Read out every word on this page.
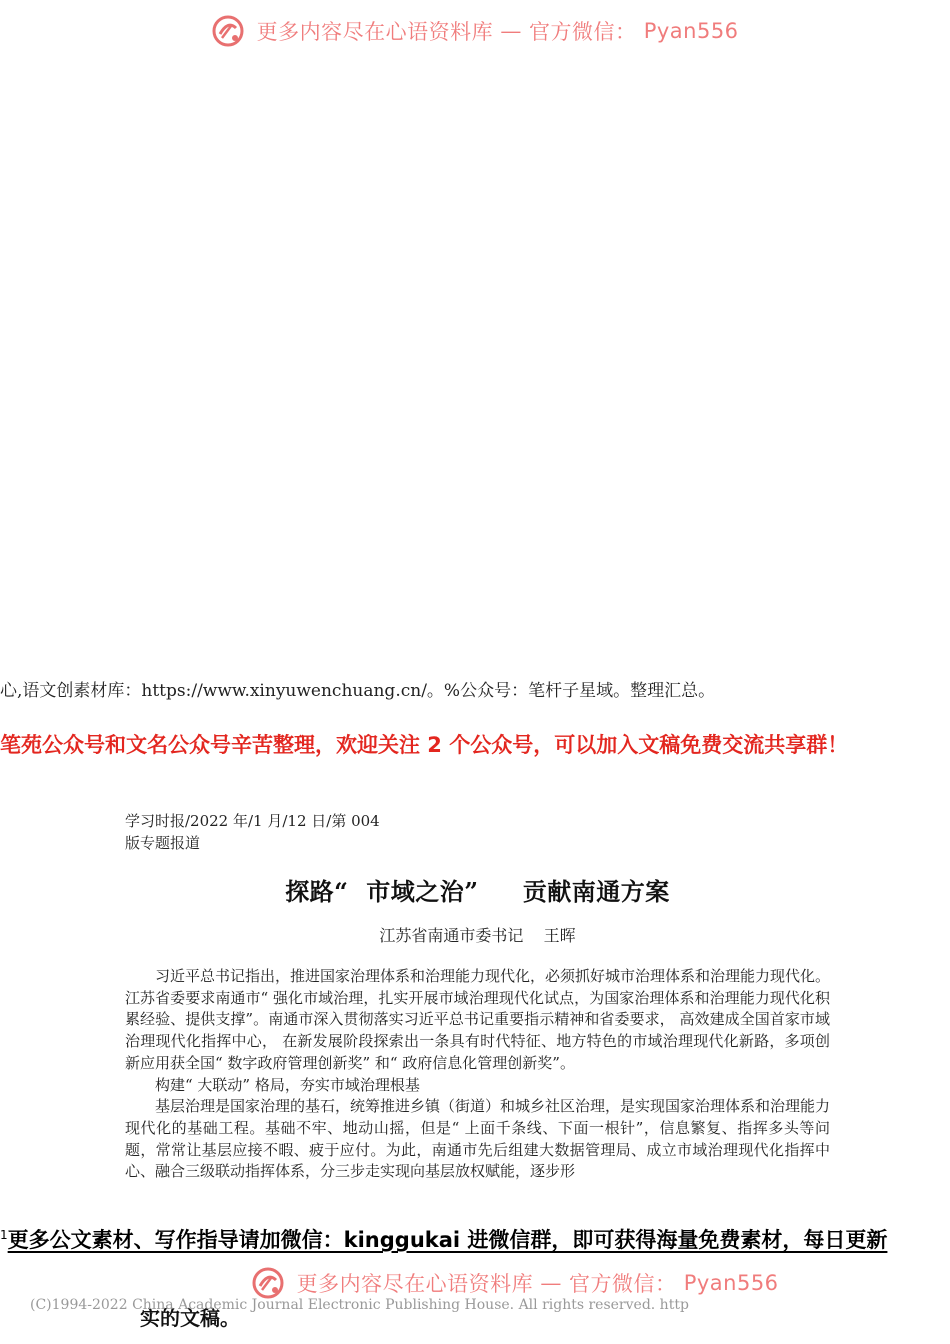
更多内容尽在心语资料库 — 官方微信： Pyan556
心,语文创素材库：https://www.xinyuwenchuang.cn/。%公众号：笔杆子星域。整理汇总。
笔苑公众号和文名公众号辛苦整理，欢迎关注 2 个公众号，可以加入文稿免费交流共享群！
学习时报/2022 年/1 月/12 日/第 004
版专题报道
探路“  市域之治”     贡献南通方案
江苏省南通市委书记    王晖

习近平总书记指出，推进国家治理体系和治理能力现代化，必须抓好城市治理体系和治理能力现代化。江苏省委要求南通市“ 强化市域治理，扎实开展市域治理现代化试点，为国家治理体系和治理能力现代化积累经验、提供支撑”。南通市深入贯彻落实习近平总书记重要指示精神和省委要求， 高效建成全国首家市域治理现代化指挥中心， 在新发展阶段探索出一条具有时代特征、地方特色的市域治理现代化新路，多项创新应用获全国“ 数字政府管理创新奖” 和“ 政府信息化管理创新奖”。

构建“ 大联动” 格局，夯实市域治理根基

基层治理是国家治理的基石，统筹推进乡镇（街道）和城乡社区治理，是实现国家治理体系和治理能力现代化的基础工程。基础不牢、地动山摇，但是“ 上面千条线、下面一根针”，信息繁复、指挥多头等问题，常常让基层应接不暇、疲于应付。为此，南通市先后组建大数据管理局、成立市域治理现代化指挥中心、融合三级联动指挥体系，分三步走实现向基层放权赋能，逐步形

$^1$更多公文素材、写作指导请加微信：kinggukai 进微信群，即可获得海量免费素材，每日更新
更多内容尽在心语资料库 — 官方微信： Pyan556
实的文稿。
(C)1994-2022 China Academic Journal Electronic Publishing House. All rights reserved. http
